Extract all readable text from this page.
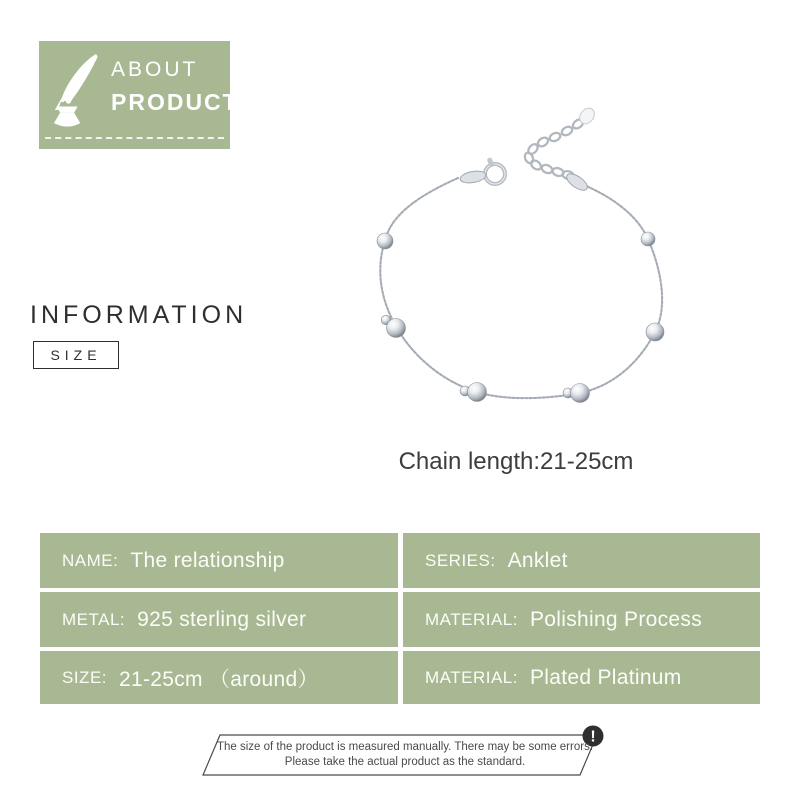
ABOUT
PRODUCT
INFORMATION
SIZE
Chain length:21-25cm
NAME: The relationship	SERIES: Anklet
METAL: 925 sterling silver	MATERIAL: Polishing Process
SIZE: 21-25cm （around）	MATERIAL: Plated Platinum
!
The size of the product is measured manually. There may be some errors.
Please take the actual product as the standard.
